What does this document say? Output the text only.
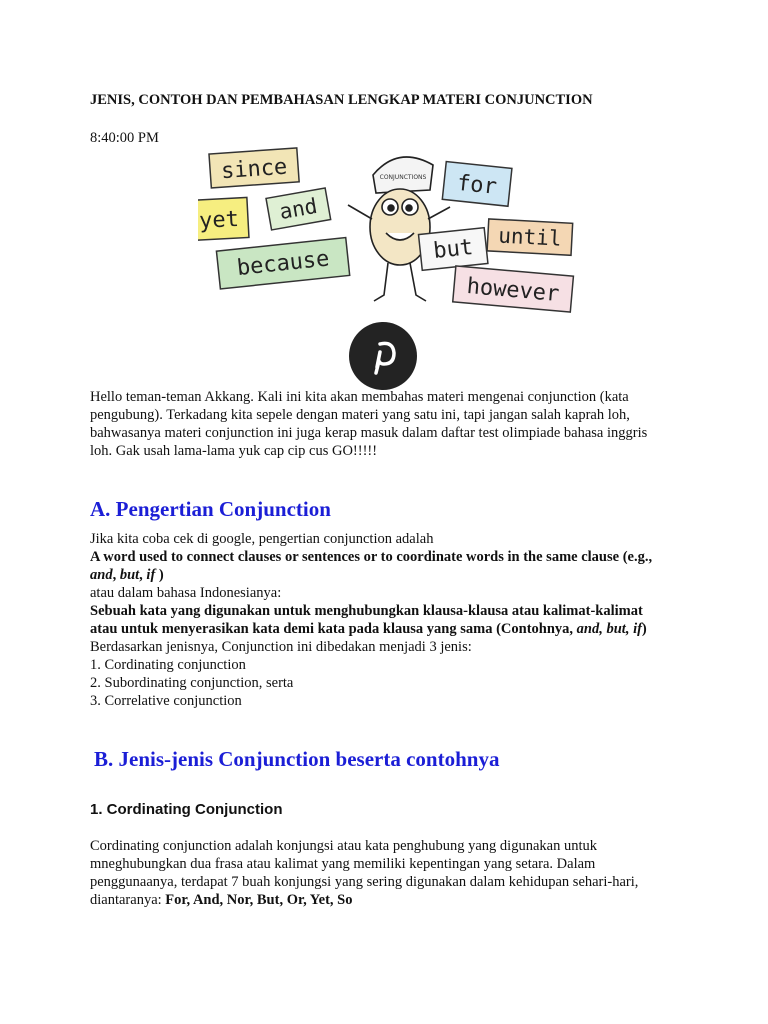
JENIS, CONTOH DAN PEMBAHASAN LENGKAP MATERI CONJUNCTION
8:40:00 PM
since
and
yet
because
CONJUNCTIONS for
until
but
however
Hello teman-teman Akkang. Kali ini kita akan membahas materi mengenai conjunction (kata
pengubung). Terkadang kita sepele dengan materi yang satu ini, tapi jangan salah kaprah loh,
bahwasanya materi conjunction ini juga kerap masuk dalam daftar test olimpiade bahasa inggris
loh. Gak usah lama-lama yuk cap cip cus GO!!!!!
A. Pengertian Conjunction
Jika kita coba cek di google, pengertian conjunction adalah
A word used to connect clauses or sentences or to coordinate words in the same clause (e.g.,
and, but, if )
atau dalam bahasa Indonesianya:
Sebuah kata yang digunakan untuk menghubungkan klausa-klausa atau kalimat-kalimat
atau untuk menyerasikan kata demi kata pada klausa yang sama (Contohnya, and, but, if)
Berdasarkan jenisnya, Conjunction ini dibedakan menjadi 3 jenis:
1. Cordinating conjunction
2. Subordinating conjunction, serta
3. Correlative conjunction
B. Jenis-jenis Conjunction beserta contohnya
1. Cordinating Conjunction
Cordinating conjunction adalah konjungsi atau kata penghubung yang digunakan untuk
mneghubungkan dua frasa atau kalimat yang memiliki kepentingan yang setara. Dalam
penggunaanya, terdapat 7 buah konjungsi yang sering digunakan dalam kehidupan sehari-hari,
diantaranya: For, And, Nor, But, Or, Yet, So
